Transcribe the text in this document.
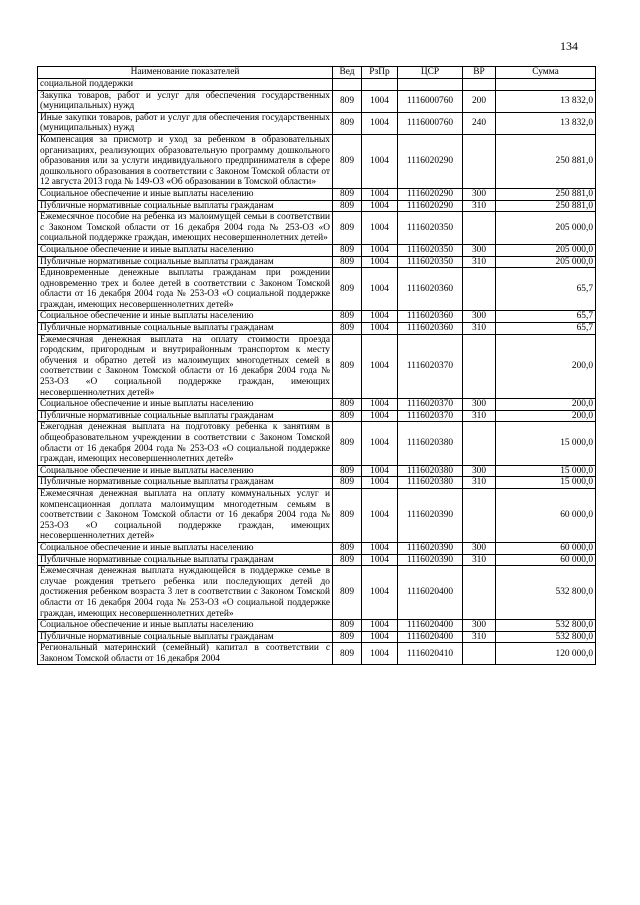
134
Наименование показателей	Вед	РзПр	ЦСР	ВР	Сумма
социальной поддержки					
Закупка товаров, работ и услуг для обеспечения государственных (муниципальных) нужд	809	1004	1116000760	200	13 832,0
Иные закупки товаров, работ и услуг для обеспечения государственных (муниципальных) нужд	809	1004	1116000760	240	13 832,0
Компенсация за присмотр и уход за ребенком в образовательных организациях, реализующих образовательную программу дошкольного образования или за услуги индивидуального предпринимателя в сфере дошкольного образования в соответствии с Законом Томской области от 12 августа 2013 года № 149-ОЗ «Об образовании в Томской области»	809	1004	1116020290		250 881,0
Социальное обеспечение и иные выплаты населению	809	1004	1116020290	300	250 881,0
Публичные нормативные социальные выплаты гражданам	809	1004	1116020290	310	250 881,0
Ежемесячное пособие на ребенка из малоимущей семьи в соответствии с Законом Томской области от 16 декабря 2004 года № 253-ОЗ «О социальной поддержке граждан, имеющих несовершеннолетних детей»	809	1004	1116020350		205 000,0
Социальное обеспечение и иные выплаты населению	809	1004	1116020350	300	205 000,0
Публичные нормативные социальные выплаты гражданам	809	1004	1116020350	310	205 000,0
Единовременные денежные выплаты гражданам при рождении одновременно трех и более детей в соответствии с Законом Томской области от 16 декабря 2004 года № 253-ОЗ «О социальной поддержке граждан, имеющих несовершеннолетних детей»	809	1004	1116020360		65,7
Социальное обеспечение и иные выплаты населению	809	1004	1116020360	300	65,7
Публичные нормативные социальные выплаты гражданам	809	1004	1116020360	310	65,7
Ежемесячная денежная выплата на оплату стоимости проезда городским, пригородным и внутрирайонным транспортом к месту обучения и обратно детей из малоимущих многодетных семей в соответствии с Законом Томской области от 16 декабря 2004 года № 253-ОЗ «О социальной поддержке граждан, имеющих несовершеннолетних детей»	809	1004	1116020370		200,0
Социальное обеспечение и иные выплаты населению	809	1004	1116020370	300	200,0
Публичные нормативные социальные выплаты гражданам	809	1004	1116020370	310	200,0
Ежегодная денежная выплата на подготовку ребенка к занятиям в общеобразовательном учреждении в соответствии с Законом Томской области от 16 декабря 2004 года № 253-ОЗ «О социальной поддержке граждан, имеющих несовершеннолетних детей»	809	1004	1116020380		15 000,0
Социальное обеспечение и иные выплаты населению	809	1004	1116020380	300	15 000,0
Публичные нормативные социальные выплаты гражданам	809	1004	1116020380	310	15 000,0
Ежемесячная денежная выплата на оплату коммунальных услуг и компенсационная доплата малоимущим многодетным семьям в соответствии с Законом Томской области от 16 декабря 2004 года № 253-ОЗ «О социальной поддержке граждан, имеющих несовершеннолетних детей»	809	1004	1116020390		60 000,0
Социальное обеспечение и иные выплаты населению	809	1004	1116020390	300	60 000,0
Публичные нормативные социальные выплаты гражданам	809	1004	1116020390	310	60 000,0
Ежемесячная денежная выплата нуждающейся в поддержке семье в случае рождения третьего ребенка или последующих детей до достижения ребенком возраста 3 лет в соответствии с Законом Томской области от 16 декабря 2004 года № 253-ОЗ «О социальной поддержке граждан, имеющих несовершеннолетних детей»	809	1004	1116020400		532 800,0
Социальное обеспечение и иные выплаты населению	809	1004	1116020400	300	532 800,0
Публичные нормативные социальные выплаты гражданам	809	1004	1116020400	310	532 800,0
Региональный материнский (семейный) капитал в соответствии с Законом Томской области от 16 декабря 2004	809	1004	1116020410		120 000,0
